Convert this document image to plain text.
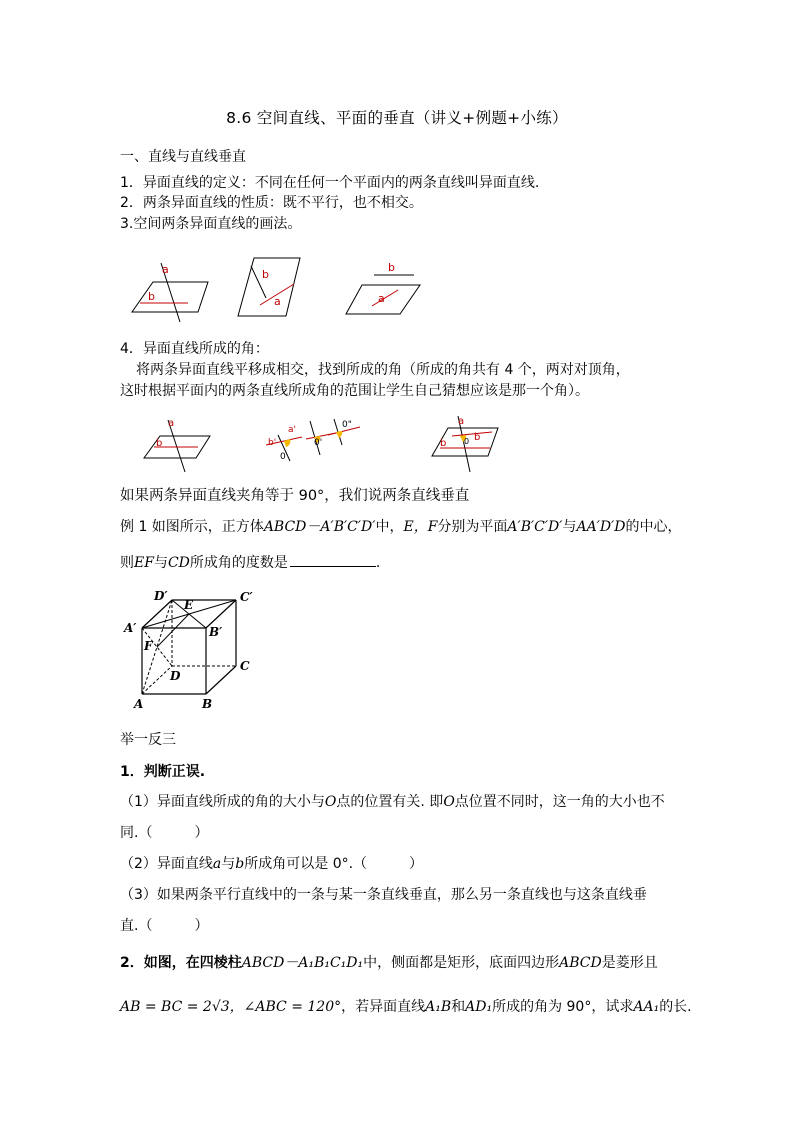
8.6 空间直线、平面的垂直（讲义+例题+小练）
一、直线与直线垂直
1．异面直线的定义：不同在任何一个平面内的两条直线叫异面直线.
2．两条异面直线的性质：既不平行，也不相交。
3.空间两条异面直线的画法。
a
b
b
a
b
a
4．异面直线所成的角：
将两条异面直线平移成相交，找到所成的角（所成的角共有 4 个，两对对顶角，
这时根据平面内的两条直线所成角的范围让学生自己猜想应该是那一个角）。
a
b	b'
a'
0
0'
0"	a
b
b
0
如果两条异面直线夹角等于 90°，我们说两条直线垂直
例 1 如图所示，正方体ABCD－A′B′C′D′中，E，F分别为平面A′B′C′D′与AA′D′D的中心，
则EF与CD所成角的度数是	.
D′
E
C′
A′	B′
F
C
D
A	B
举一反三
1．判断正误.
（1）异面直线所成的角的大小与O点的位置有关. 即O点位置不同时，这一角的大小也不
同.（　　　）
（2）异面直线a与b所成角可以是 0°.（　　　）
（3）如果两条平行直线中的一条与某一条直线垂直，那么另一条直线也与这条直线垂
直.（　　　）
2．如图，在四棱柱ABCD－A₁B₁C₁D₁中，侧面都是矩形，底面四边形ABCD是菱形且
AB = BC = 2√3，∠ABC = 120°，若异面直线A₁B和AD₁所成的角为 90°，试求AA₁的长.
